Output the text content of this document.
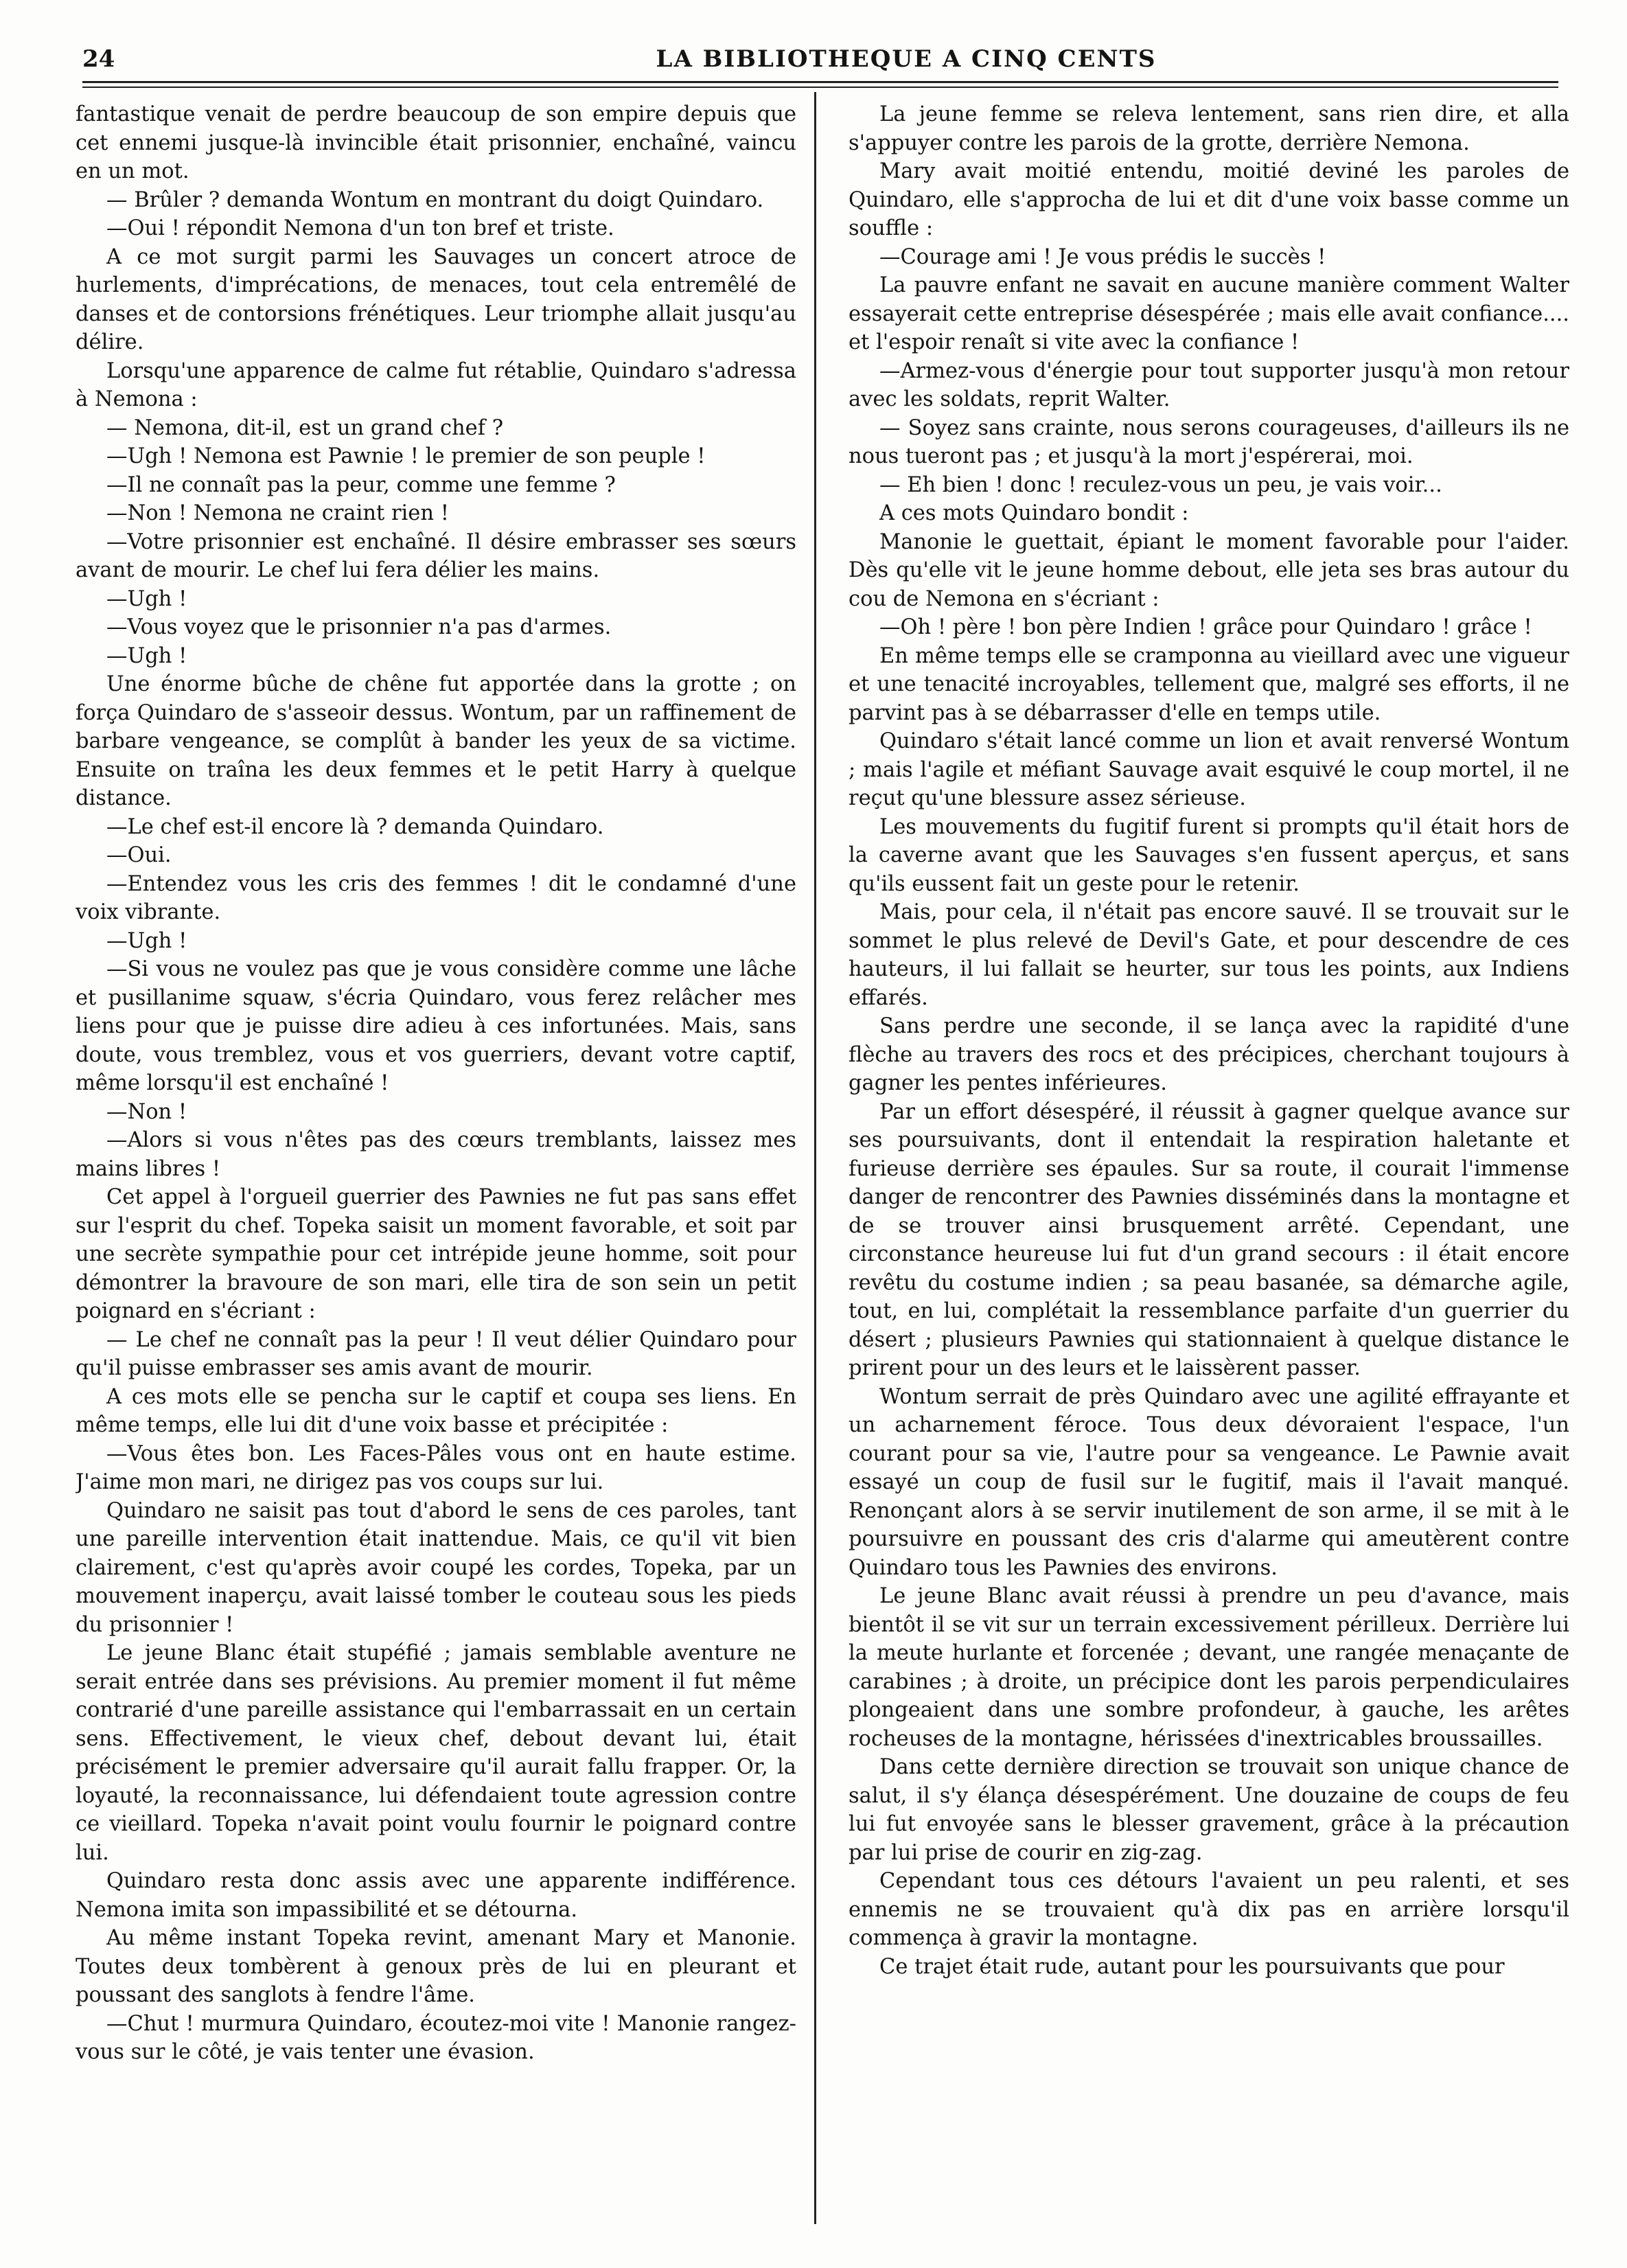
24	LA BIBLIOTHEQUE A CINQ CENTS

fantastique venait de perdre beaucoup de son empire depuis que cet ennemi jusque-là invincible était prisonnier, enchaîné, vaincu en un mot.

— Brûler ? demanda Wontum en montrant du doigt Quindaro.

—Oui ! répondit Nemona d'un ton bref et triste.

A ce mot surgit parmi les Sauvages un concert atroce de hurlements, d'imprécations, de menaces, tout cela entremêlé de danses et de contorsions frénétiques. Leur triomphe allait jusqu'au délire.

Lorsqu'une apparence de calme fut rétablie, Quindaro s'adressa à Nemona :

— Nemona, dit-il, est un grand chef ?

—Ugh ! Nemona est Pawnie ! le premier de son peuple !

—Il ne connaît pas la peur, comme une femme ?

—Non ! Nemona ne craint rien !

—Votre prisonnier est enchaîné. Il désire embrasser ses sœurs avant de mourir. Le chef lui fera délier les mains.

—Ugh !

—Vous voyez que le prisonnier n'a pas d'armes.

—Ugh !

Une énorme bûche de chêne fut apportée dans la grotte ; on força Quindaro de s'asseoir dessus. Wontum, par un raffinement de barbare vengeance, se complût à bander les yeux de sa victime. Ensuite on traîna les deux femmes et le petit Harry à quelque distance.

—Le chef est-il encore là ? demanda Quindaro.

—Oui.

—Entendez vous les cris des femmes ! dit le condamné d'une voix vibrante.

—Ugh !

—Si vous ne voulez pas que je vous considère comme une lâche et pusillanime squaw, s'écria Quindaro, vous ferez relâcher mes liens pour que je puisse dire adieu à ces infortunées. Mais, sans doute, vous tremblez, vous et vos guerriers, devant votre captif, même lorsqu'il est enchaîné !

—Non !

—Alors si vous n'êtes pas des cœurs tremblants, laissez mes mains libres !

Cet appel à l'orgueil guerrier des Pawnies ne fut pas sans effet sur l'esprit du chef. Topeka saisit un moment favorable, et soit par une secrète sympathie pour cet intrépide jeune homme, soit pour démontrer la bravoure de son mari, elle tira de son sein un petit poignard en s'écriant :

— Le chef ne connaît pas la peur ! Il veut délier Quindaro pour qu'il puisse embrasser ses amis avant de mourir.

A ces mots elle se pencha sur le captif et coupa ses liens. En même temps, elle lui dit d'une voix basse et précipitée :

—Vous êtes bon. Les Faces-Pâles vous ont en haute estime. J'aime mon mari, ne dirigez pas vos coups sur lui.

Quindaro ne saisit pas tout d'abord le sens de ces paroles, tant une pareille intervention était inattendue. Mais, ce qu'il vit bien clairement, c'est qu'après avoir coupé les cordes, Topeka, par un mouvement inaperçu, avait laissé tomber le couteau sous les pieds du prisonnier !

Le jeune Blanc était stupéfié ; jamais semblable aventure ne serait entrée dans ses prévisions. Au premier moment il fut même contrarié d'une pareille assistance qui l'embarrassait en un certain sens. Effectivement, le vieux chef, debout devant lui, était précisément le premier adversaire qu'il aurait fallu frapper. Or, la loyauté, la reconnaissance, lui défendaient toute agression contre ce vieillard. Topeka n'avait point voulu fournir le poignard contre lui.

Quindaro resta donc assis avec une apparente indifférence. Nemona imita son impassibilité et se détourna.

Au même instant Topeka revint, amenant Mary et Manonie. Toutes deux tombèrent à genoux près de lui en pleurant et poussant des sanglots à fendre l'âme.

—Chut ! murmura Quindaro, écoutez-moi vite ! Manonie rangez-vous sur le côté, je vais tenter une évasion.

La jeune femme se releva lentement, sans rien dire, et alla s'appuyer contre les parois de la grotte, derrière Nemona.

Mary avait moitié entendu, moitié deviné les paroles de Quindaro, elle s'approcha de lui et dit d'une voix basse comme un souffle :

—Courage ami ! Je vous prédis le succès !

La pauvre enfant ne savait en aucune manière comment Walter essayerait cette entreprise désespérée ; mais elle avait confiance.... et l'espoir renaît si vite avec la confiance !

—Armez-vous d'énergie pour tout supporter jusqu'à mon retour avec les soldats, reprit Walter.

— Soyez sans crainte, nous serons courageuses, d'ailleurs ils ne nous tueront pas ; et jusqu'à la mort j'espérerai, moi.

— Eh bien ! donc ! reculez-vous un peu, je vais voir...

A ces mots Quindaro bondit :

Manonie le guettait, épiant le moment favorable pour l'aider. Dès qu'elle vit le jeune homme debout, elle jeta ses bras autour du cou de Nemona en s'écriant :

—Oh ! père ! bon père Indien ! grâce pour Quindaro ! grâce !

En même temps elle se cramponna au vieillard avec une vigueur et une tenacité incroyables, tellement que, malgré ses efforts, il ne parvint pas à se débarrasser d'elle en temps utile.

Quindaro s'était lancé comme un lion et avait renversé Wontum ; mais l'agile et méfiant Sauvage avait esquivé le coup mortel, il ne reçut qu'une blessure assez sérieuse.

Les mouvements du fugitif furent si prompts qu'il était hors de la caverne avant que les Sauvages s'en fussent aperçus, et sans qu'ils eussent fait un geste pour le retenir.

Mais, pour cela, il n'était pas encore sauvé. Il se trouvait sur le sommet le plus relevé de Devil's Gate, et pour descendre de ces hauteurs, il lui fallait se heurter, sur tous les points, aux Indiens effarés.

Sans perdre une seconde, il se lança avec la rapidité d'une flèche au travers des rocs et des précipices, cherchant toujours à gagner les pentes inférieures.

Par un effort désespéré, il réussit à gagner quelque avance sur ses poursuivants, dont il entendait la respiration haletante et furieuse derrière ses épaules. Sur sa route, il courait l'immense danger de rencontrer des Pawnies disséminés dans la montagne et de se trouver ainsi brusquement arrêté. Cependant, une circonstance heureuse lui fut d'un grand secours : il était encore revêtu du costume indien ; sa peau basanée, sa démarche agile, tout, en lui, complétait la ressemblance parfaite d'un guerrier du désert ; plusieurs Pawnies qui stationnaient à quelque distance le prirent pour un des leurs et le laissèrent passer.

Wontum serrait de près Quindaro avec une agilité effrayante et un acharnement féroce. Tous deux dévoraient l'espace, l'un courant pour sa vie, l'autre pour sa vengeance. Le Pawnie avait essayé un coup de fusil sur le fugitif, mais il l'avait manqué. Renonçant alors à se servir inutilement de son arme, il se mit à le poursuivre en poussant des cris d'alarme qui ameutèrent contre Quindaro tous les Pawnies des environs.

Le jeune Blanc avait réussi à prendre un peu d'avance, mais bientôt il se vit sur un terrain excessivement périlleux. Derrière lui la meute hurlante et forcenée ; devant, une rangée menaçante de carabines ; à droite, un précipice dont les parois perpendiculaires plongeaient dans une sombre profondeur, à gauche, les arêtes rocheuses de la montagne, hérissées d'inextricables broussailles.

Dans cette dernière direction se trouvait son unique chance de salut, il s'y élança désespérément. Une douzaine de coups de feu lui fut envoyée sans le blesser gravement, grâce à la précaution par lui prise de courir en zig-zag.

Cependant tous ces détours l'avaient un peu ralenti, et ses ennemis ne se trouvaient qu'à dix pas en arrière lorsqu'il commença à gravir la montagne.

Ce trajet était rude, autant pour les poursuivants que pour
